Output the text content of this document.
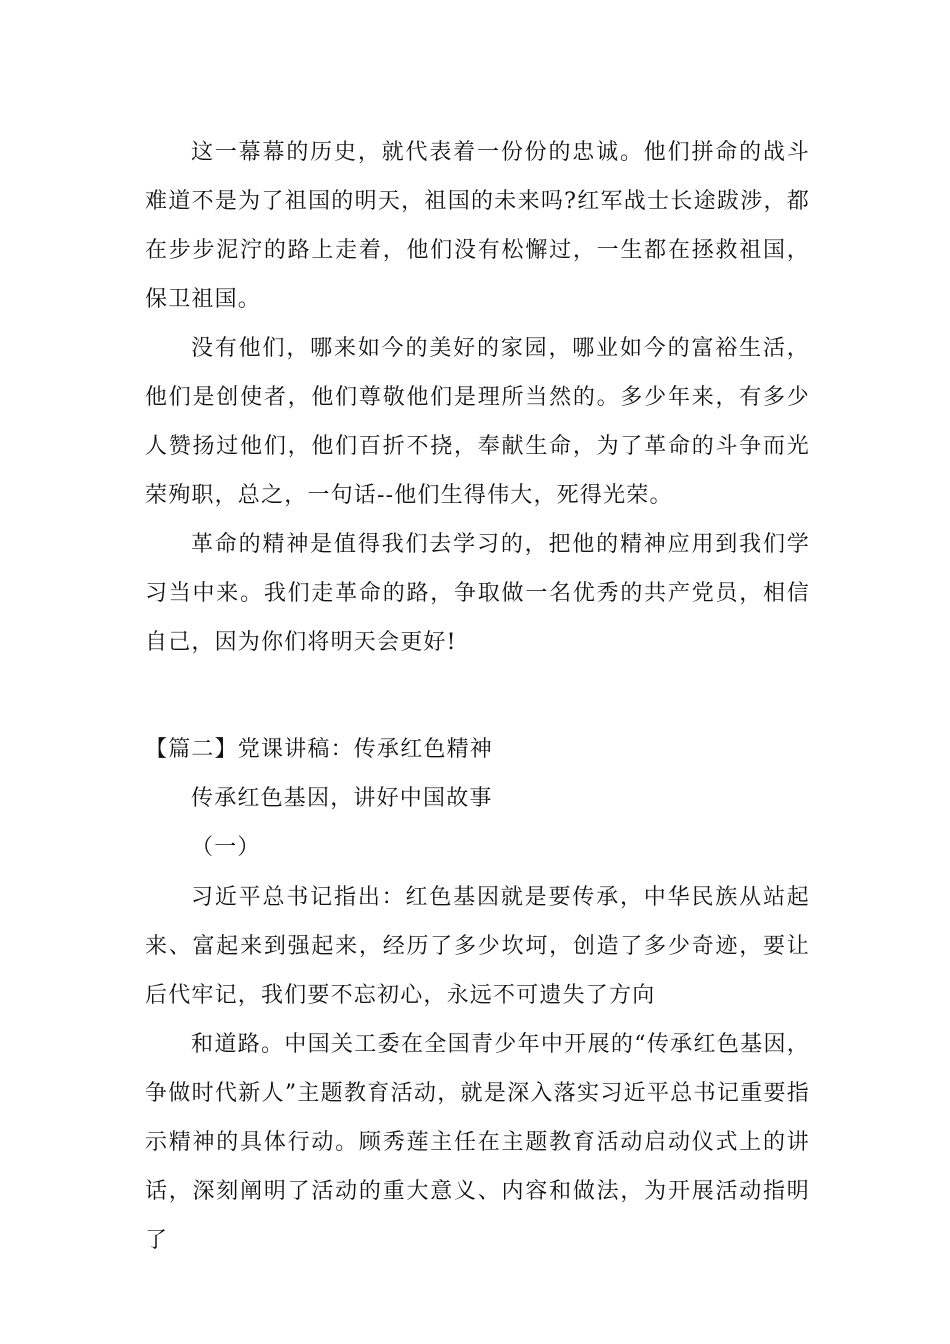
这一幕幕的历史，就代表着一份份的忠诚。他们拼命的战斗难道不是为了祖国的明天，祖国的未来吗?红军战士长途跋涉，都在步步泥泞的路上走着，他们没有松懈过，一生都在拯救祖国，保卫祖国。

没有他们，哪来如今的美好的家园，哪业如今的富裕生活，他们是创使者，他们尊敬他们是理所当然的。多少年来，有多少人赞扬过他们，他们百折不挠，奉献生命，为了革命的斗争而光荣殉职，总之，一句话--他们生得伟大，死得光荣。

革命的精神是值得我们去学习的，把他的精神应用到我们学习当中来。我们走革命的路，争取做一名优秀的共产党员，相信自己，因为你们将明天会更好!

【篇二】党课讲稿：传承红色精神

传承红色基因，讲好中国故事

（一）

习近平总书记指出：红色基因就是要传承，中华民族从站起来、富起来到强起来，经历了多少坎坷，创造了多少奇迹，要让后代牢记，我们要不忘初心，永远不可遗失了方向

和道路。中国关工委在全国青少年中开展的“传承红色基因，争做时代新人”主题教育活动，就是深入落实习近平总书记重要指示精神的具体行动。顾秀莲主任在主题教育活动启动仪式上的讲话，深刻阐明了活动的重大意义、内容和做法，为开展活动指明了
